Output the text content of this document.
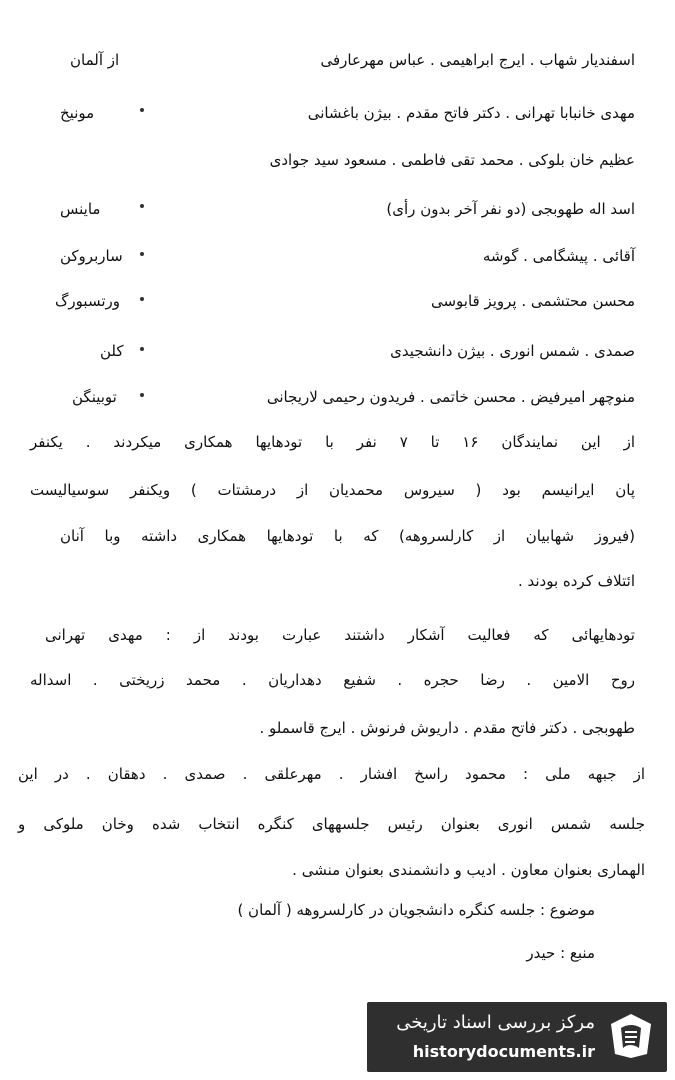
اسفندیار شهاب . ایرج ابراهیمی . عباس مهرعارفی
از آلمان
مهدی خانبابا تهرانی . دکتر فاتح مقدم . بیژن باغشانی
مونیخ
عظیم خان بلوکی . محمد تقی فاطمی . مسعود سید جوادی
اسد اله طهوبجی (دو نفر آخر بدون رأی)
ماینس
آقائی . پیشگامی . گوشه
ساربروکن
محسن محتشمی . پرویز قابوسی
ورتسبورگ
صمدی . شمس انوری . بیژن دانشجیدی
کلن
منوچهر امیرفیض . محسن خاتمی . فریدون رحیمی لاریجانی
توبینگن
از این نمایندگان ۱۶ تا ۷ نفر با تودهایها همکاری میکردند . یکنفر
پان ایرانیسم بود ( سیروس محمدیان از درمشتات ) ویکنفر سوسیالیست
(فیروز شهابیان از کارلسروهه) که با تودهایها همکاری داشته وبا آنان
ائتلاف کرده بودند .
تودهایهائی که فعالیت آشکار داشتند عبارت بودند از : مهدی تهرانی
روح الامین . رضا حجره . شفیع دهداریان . محمد زریختی . اسداله
طهوبجی . دکتر فاتح مقدم . داریوش فرنوش . ایرج قاسملو .
از جبهه ملی : محمود راسخ افشار . مهرعلقی . صمدی . دهقان . در این
جلسه شمس انوری بعنوان رئیس جلسههای کنگره انتخاب شده وخان ملوکی و
الهماری بعنوان معاون . ادیب و دانشمندی بعنوان منشی .
موضوع : جلسه کنگره دانشجویان در کارلسروهه ( آلمان )
منبع : حیدر
مرکز بررسی اسناد تاریخی
historydocuments.ir
